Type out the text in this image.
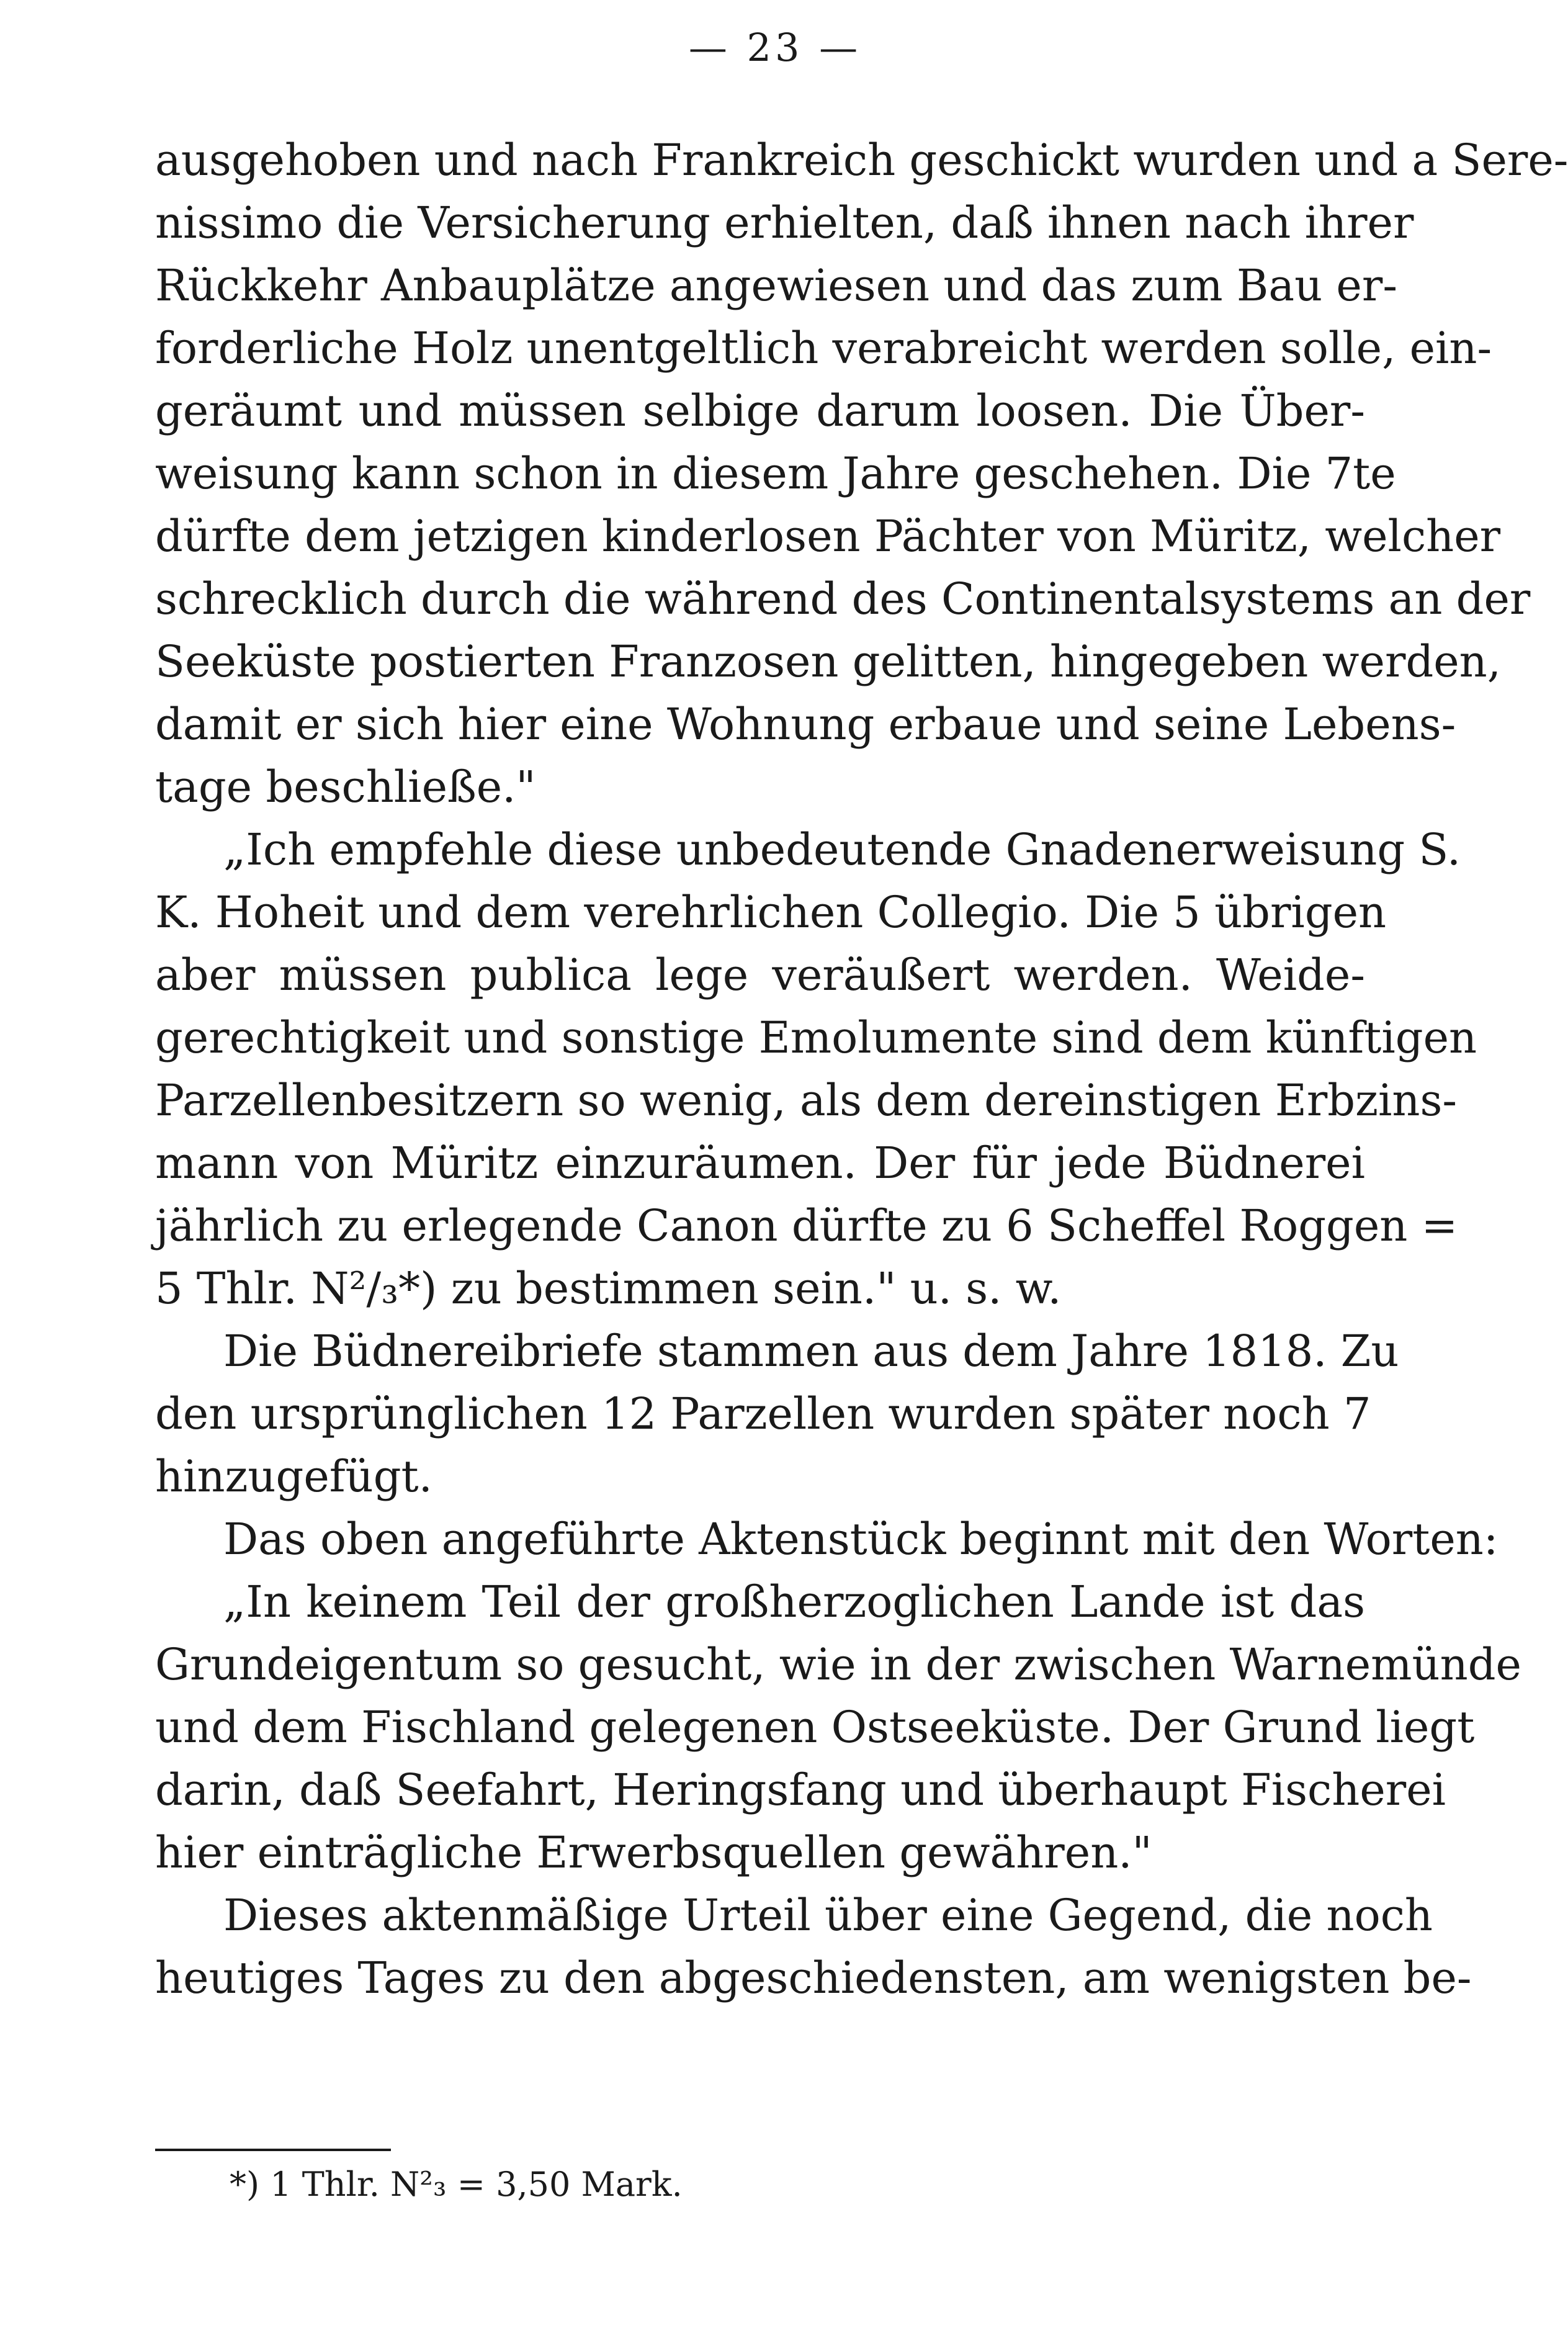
— 23 —
ausgehoben und nach Frankreich geschickt wurden und a Sere-
nissimo die Versicherung erhielten, daß ihnen nach ihrer
Rückkehr Anbauplätze angewiesen und das zum Bau er-
forderliche Holz unentgeltlich verabreicht werden solle, ein-
geräumt und müssen selbige darum loosen. Die Über-
weisung kann schon in diesem Jahre geschehen. Die 7te
dürfte dem jetzigen kinderlosen Pächter von Müritz, welcher
schrecklich durch die während des Continentalsystems an der
Seeküste postierten Franzosen gelitten, hingegeben werden,
damit er sich hier eine Wohnung erbaue und seine Lebens-
tage beschließe."
„Ich empfehle diese unbedeutende Gnadenerweisung S.
K. Hoheit und dem verehrlichen Collegio. Die 5 übrigen
aber müssen publica lege veräußert werden. Weide-
gerechtigkeit und sonstige Emolumente sind dem künftigen
Parzellenbesitzern so wenig, als dem dereinstigen Erbzins-
mann von Müritz einzuräumen. Der für jede Büdnerei
jährlich zu erlegende Canon dürfte zu 6 Scheffel Roggen =
5 Thlr. N²/₃*) zu bestimmen sein." u. s. w.
Die Büdnereibriefe stammen aus dem Jahre 1818. Zu
den ursprünglichen 12 Parzellen wurden später noch 7
hinzugefügt.
Das oben angeführte Aktenstück beginnt mit den Worten:
„In keinem Teil der großherzoglichen Lande ist das
Grundeigentum so gesucht, wie in der zwischen Warnemünde
und dem Fischland gelegenen Ostseeküste. Der Grund liegt
darin, daß Seefahrt, Heringsfang und überhaupt Fischerei
hier einträgliche Erwerbsquellen gewähren."
Dieses aktenmäßige Urteil über eine Gegend, die noch
heutiges Tages zu den abgeschiedensten, am wenigsten be-
*) 1 Thlr. N²₃ = 3,50 Mark.
